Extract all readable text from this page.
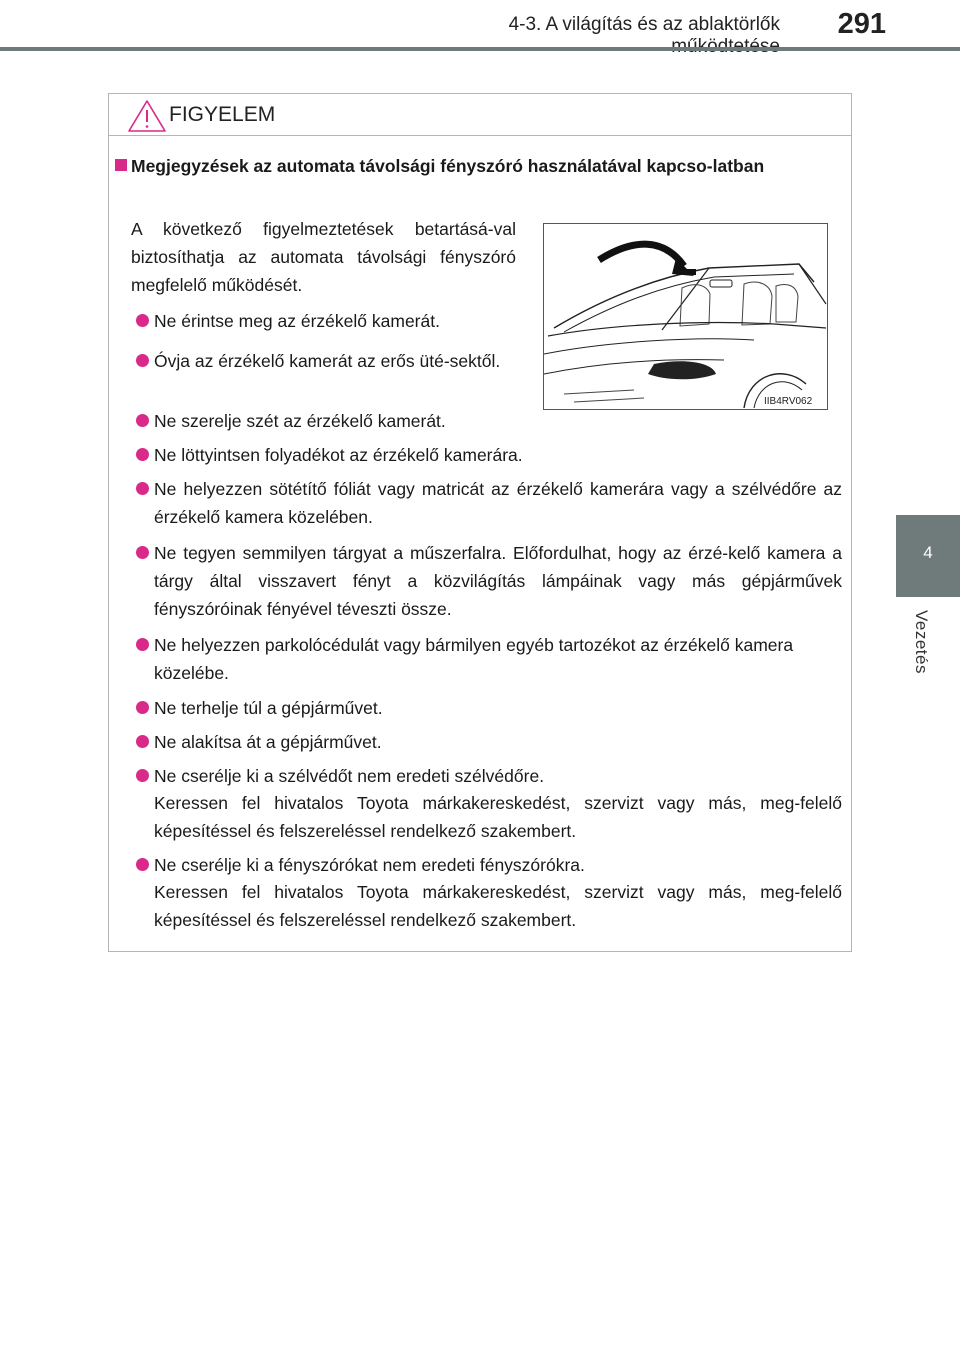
4-3. A világítás és az ablaktörlők	291
4
Vezetés
FIGYELEM
Megjegyzések az automata távolsági fényszóró használatával kapcso-latban
A következő figyelmeztetések betartásá-val biztosíthatja az automata távolsági fényszóró megfelelő működését.
IIB4RV062
Ne érintse meg az érzékelő kamerát.
Óvja az érzékelő kamerát az erős üté-sektől.
Ne szerelje szét az érzékelő kamerát.
Ne löttyintsen folyadékot az érzékelő kamerára.
Ne helyezzen sötétítő fóliát vagy matricát az érzékelő kamerára vagy a szélvédőre az érzékelő kamera közelében.
Ne tegyen semmilyen tárgyat a műszerfalra. Előfordulhat, hogy az érzé-kelő kamera a tárgy által visszavert fényt a közvilágítás lámpáinak vagy más gépjárművek fényszóróinak fényével téveszti össze.
Ne helyezzen parkolócédulát vagy bármilyen egyéb tartozékot az érzékelő kamera közelébe.
Ne terhelje túl a gépjárművet.
Ne alakítsa át a gépjárművet.
Ne cserélje ki a szélvédőt nem eredeti szélvédőre.
Keressen fel hivatalos Toyota márkakereskedést, szervizt vagy más, meg-felelő képesítéssel és felszereléssel rendelkező szakembert.
Ne cserélje ki a fényszórókat nem eredeti fényszórókra.
Keressen fel hivatalos Toyota márkakereskedést, szervizt vagy más, meg-felelő képesítéssel és felszereléssel rendelkező szakembert.
